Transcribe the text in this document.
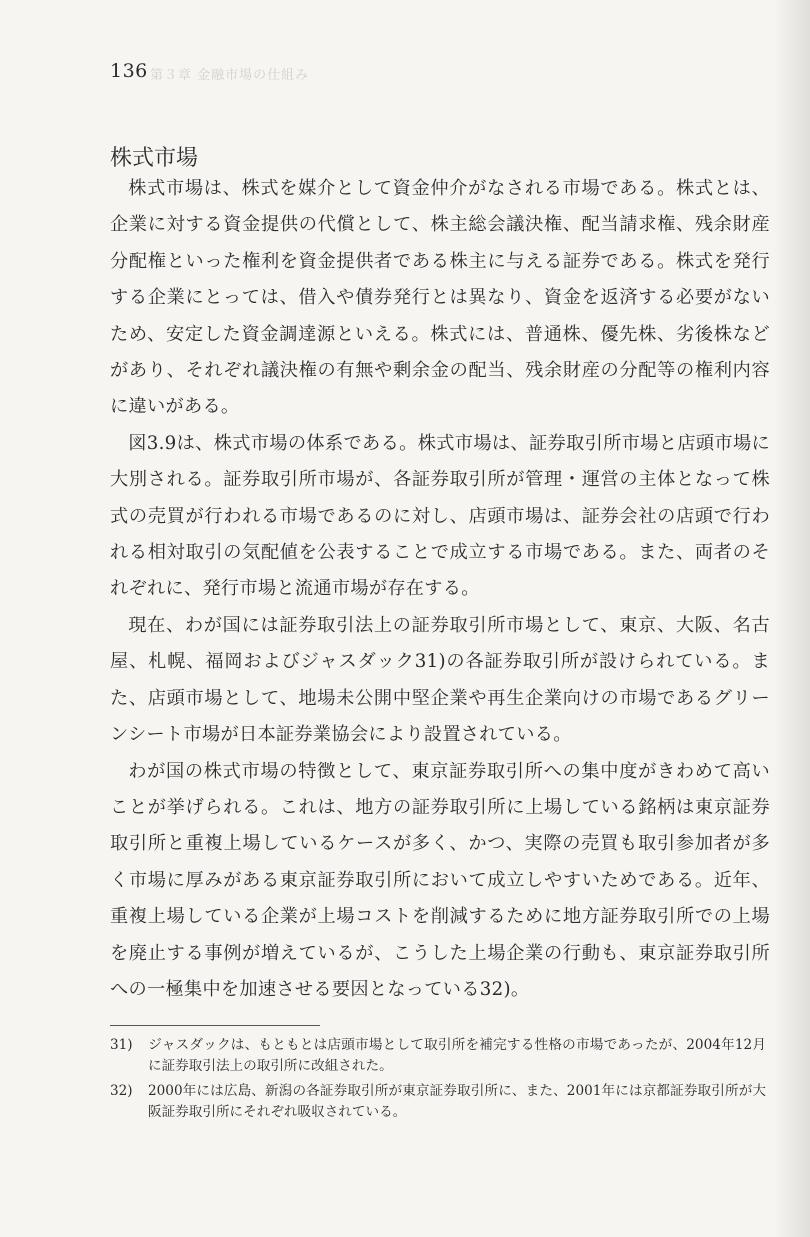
136 第３章 金融市場の仕組み
株式市場

株式市場は、株式を媒介として資金仲介がなされる市場である。株式とは、企業に対する資金提供の代償として、株主総会議決権、配当請求権、残余財産分配権といった権利を資金提供者である株主に与える証券である。株式を発行する企業にとっては、借入や債券発行とは異なり、資金を返済する必要がないため、安定した資金調達源といえる。株式には、普通株、優先株、劣後株などがあり、それぞれ議決権の有無や剰余金の配当、残余財産の分配等の権利内容に違いがある。

図3.9は、株式市場の体系である。株式市場は、証券取引所市場と店頭市場に大別される。証券取引所市場が、各証券取引所が管理・運営の主体となって株式の売買が行われる市場であるのに対し、店頭市場は、証券会社の店頭で行われる相対取引の気配値を公表することで成立する市場である。また、両者のそれぞれに、発行市場と流通市場が存在する。

現在、わが国には証券取引法上の証券取引所市場として、東京、大阪、名古屋、札幌、福岡およびジャスダック31)の各証券取引所が設けられている。また、店頭市場として、地場未公開中堅企業や再生企業向けの市場であるグリーンシート市場が日本証券業協会により設置されている。

わが国の株式市場の特徴として、東京証券取引所への集中度がきわめて高いことが挙げられる。これは、地方の証券取引所に上場している銘柄は東京証券取引所と重複上場しているケースが多く、かつ、実際の売買も取引参加者が多く市場に厚みがある東京証券取引所において成立しやすいためである。近年、重複上場している企業が上場コストを削減するために地方証券取引所での上場を廃止する事例が増えているが、こうした上場企業の行動も、東京証券取引所への一極集中を加速させる要因となっている32)。

31) ジャスダックは、もともとは店頭市場として取引所を補完する性格の市場であったが、2004年12月に証券取引法上の取引所に改組された。
32) 2000年には広島、新潟の各証券取引所が東京証券取引所に、また、2001年には京都証券取引所が大阪証券取引所にそれぞれ吸収されている。
